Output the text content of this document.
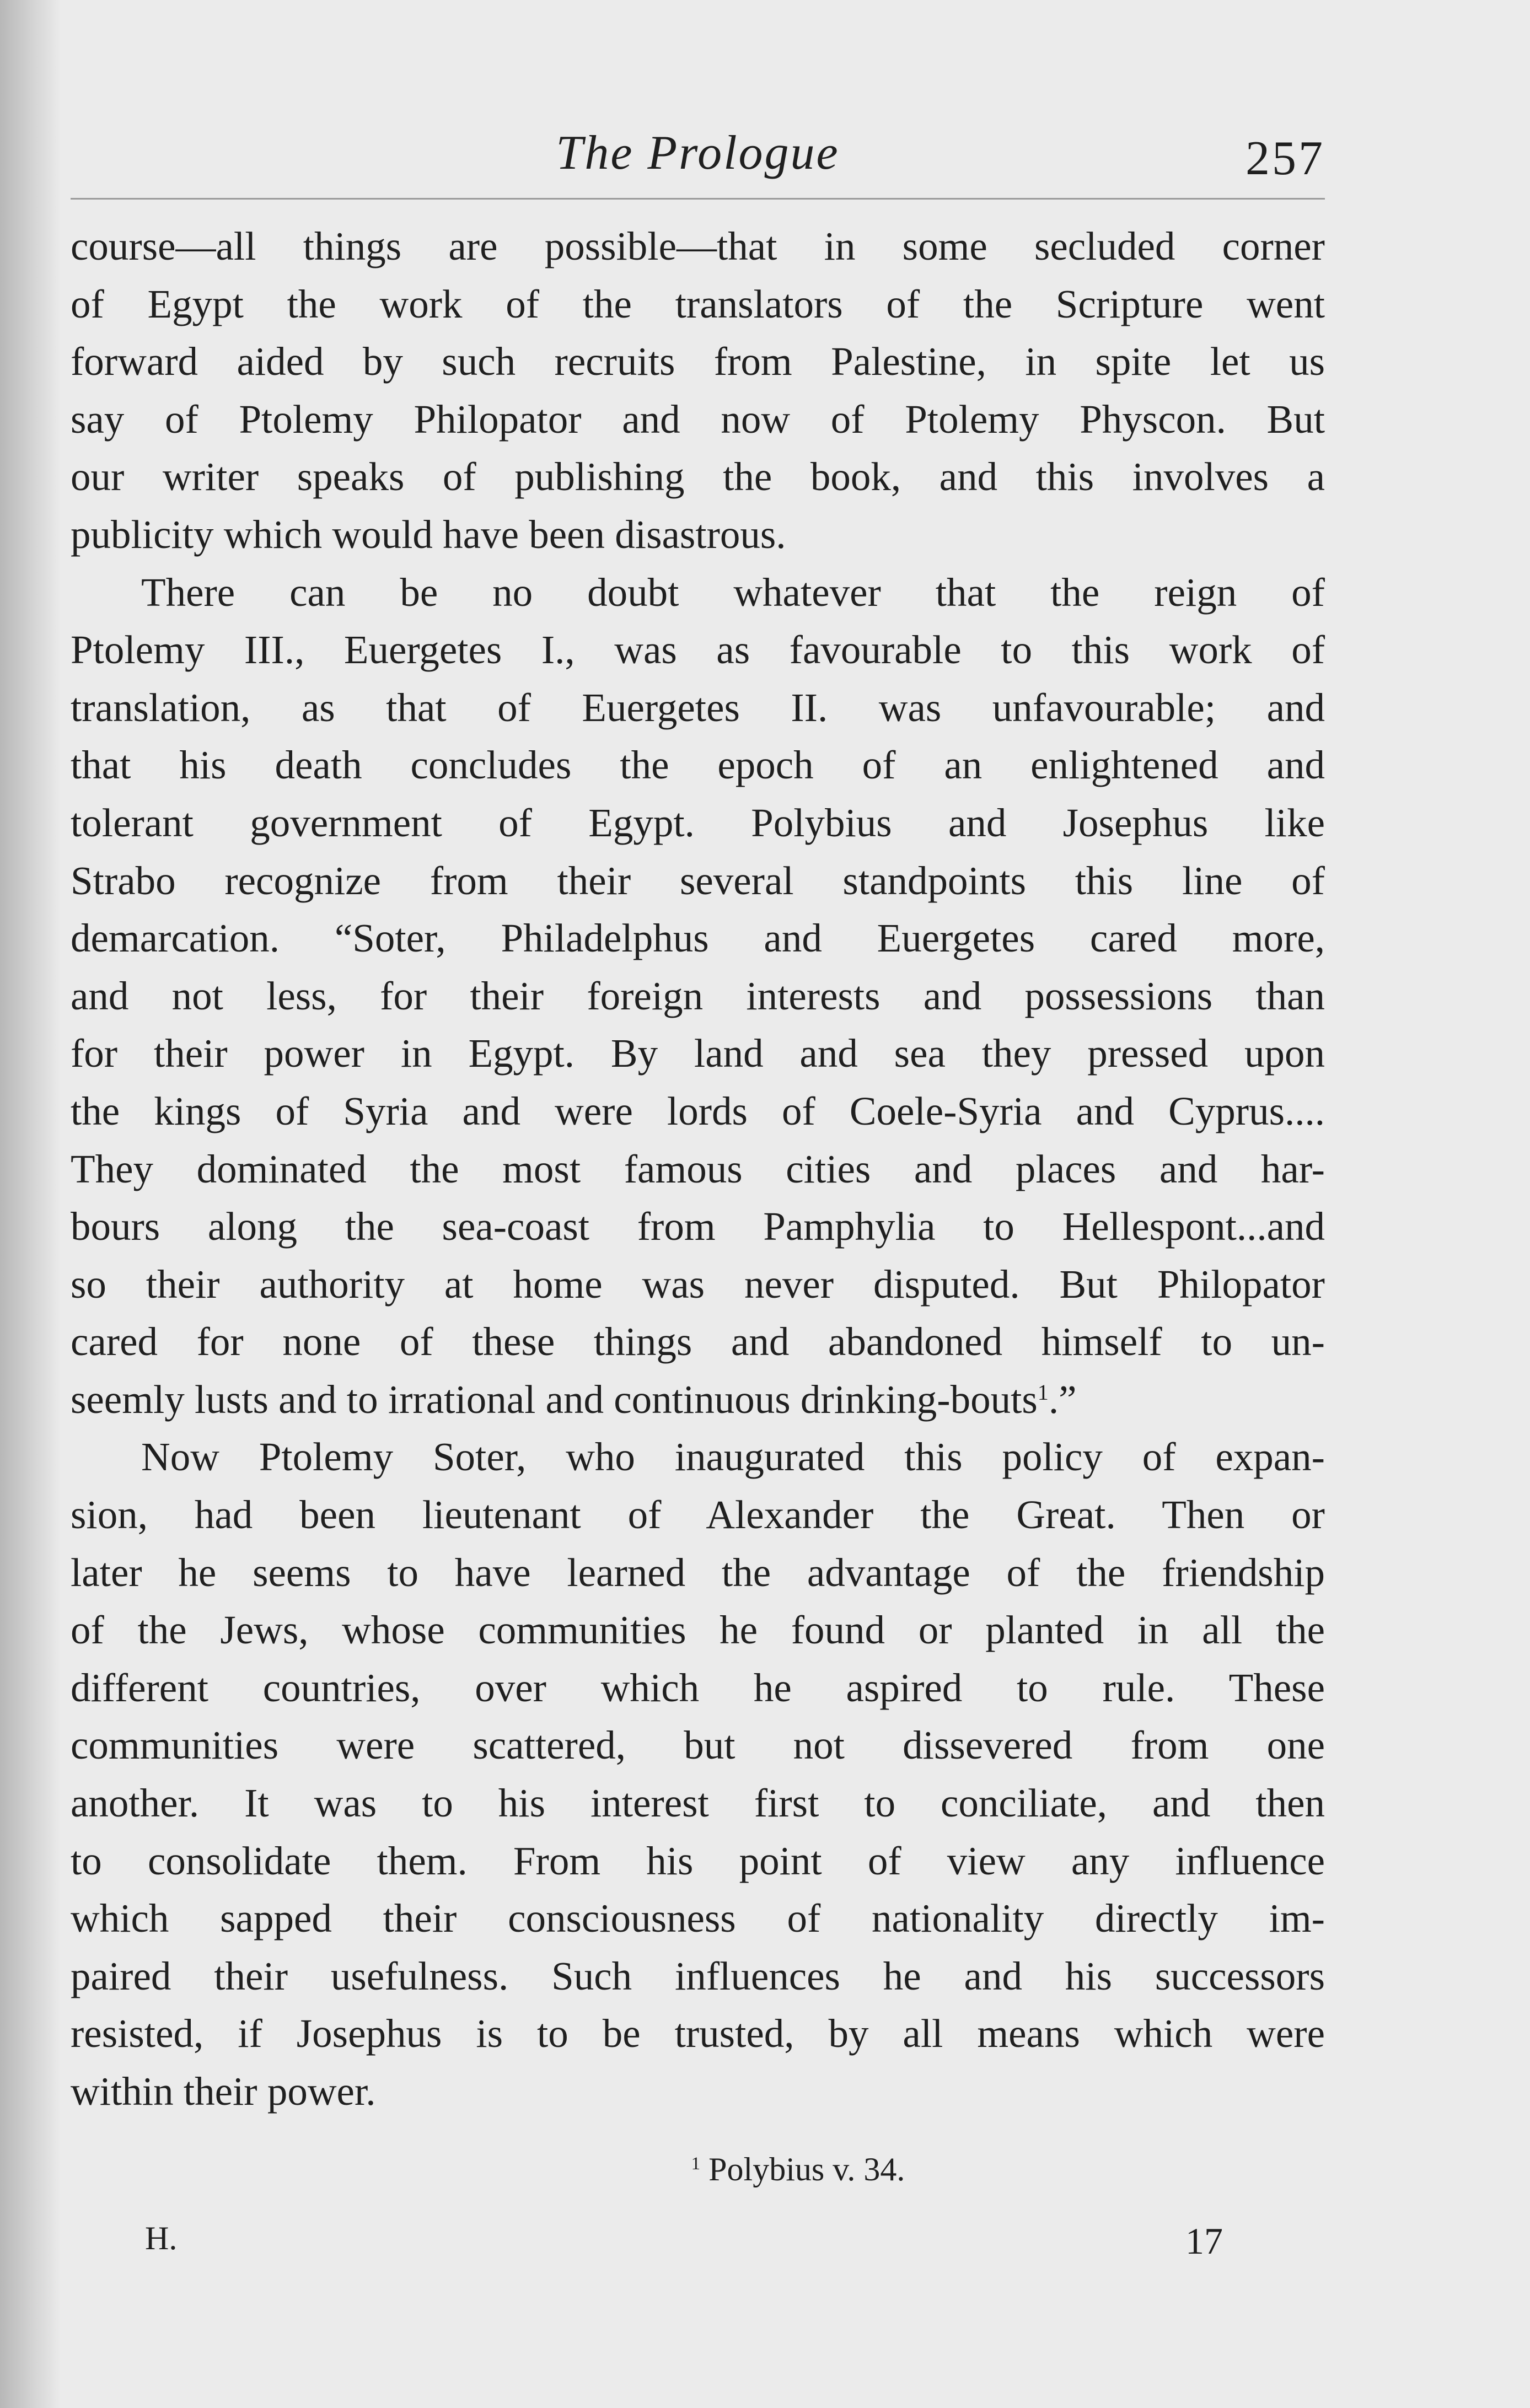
The Prologue	257
course—all things are possible—that in some secluded corner
of Egypt the work of the translators of the Scripture went
forward aided by such recruits from Palestine, in spite let us
say of Ptolemy Philopator and now of Ptolemy Physcon. But
our writer speaks of publishing the book, and this involves a
publicity which would have been disastrous.
There can be no doubt whatever that the reign of
Ptolemy III., Euergetes I., was as favourable to this work of
translation, as that of Euergetes II. was unfavourable; and
that his death concludes the epoch of an enlightened and
tolerant government of Egypt. Polybius and Josephus like
Strabo recognize from their several standpoints this line of
demarcation. “Soter, Philadelphus and Euergetes cared more,
and not less, for their foreign interests and possessions than
for their power in Egypt. By land and sea they pressed upon
the kings of Syria and were lords of Coele-Syria and Cyprus....
They dominated the most famous cities and places and har-
bours along the sea-coast from Pamphylia to Hellespont...and
so their authority at home was never disputed. But Philopator
cared for none of these things and abandoned himself to un-
seemly lusts and to irrational and continuous drinking-bouts$^1$.”
Now Ptolemy Soter, who inaugurated this policy of expan-
sion, had been lieutenant of Alexander the Great. Then or
later he seems to have learned the advantage of the friendship
of the Jews, whose communities he found or planted in all the
different countries, over which he aspired to rule. These
communities were scattered, but not dissevered from one
another. It was to his interest first to conciliate, and then
to consolidate them. From his point of view any influence
which sapped their consciousness of nationality directly im-
paired their usefulness. Such influences he and his successors
resisted, if Josephus is to be trusted, by all means which were
within their power.
$^1$ Polybius v. 34.
H.	17
